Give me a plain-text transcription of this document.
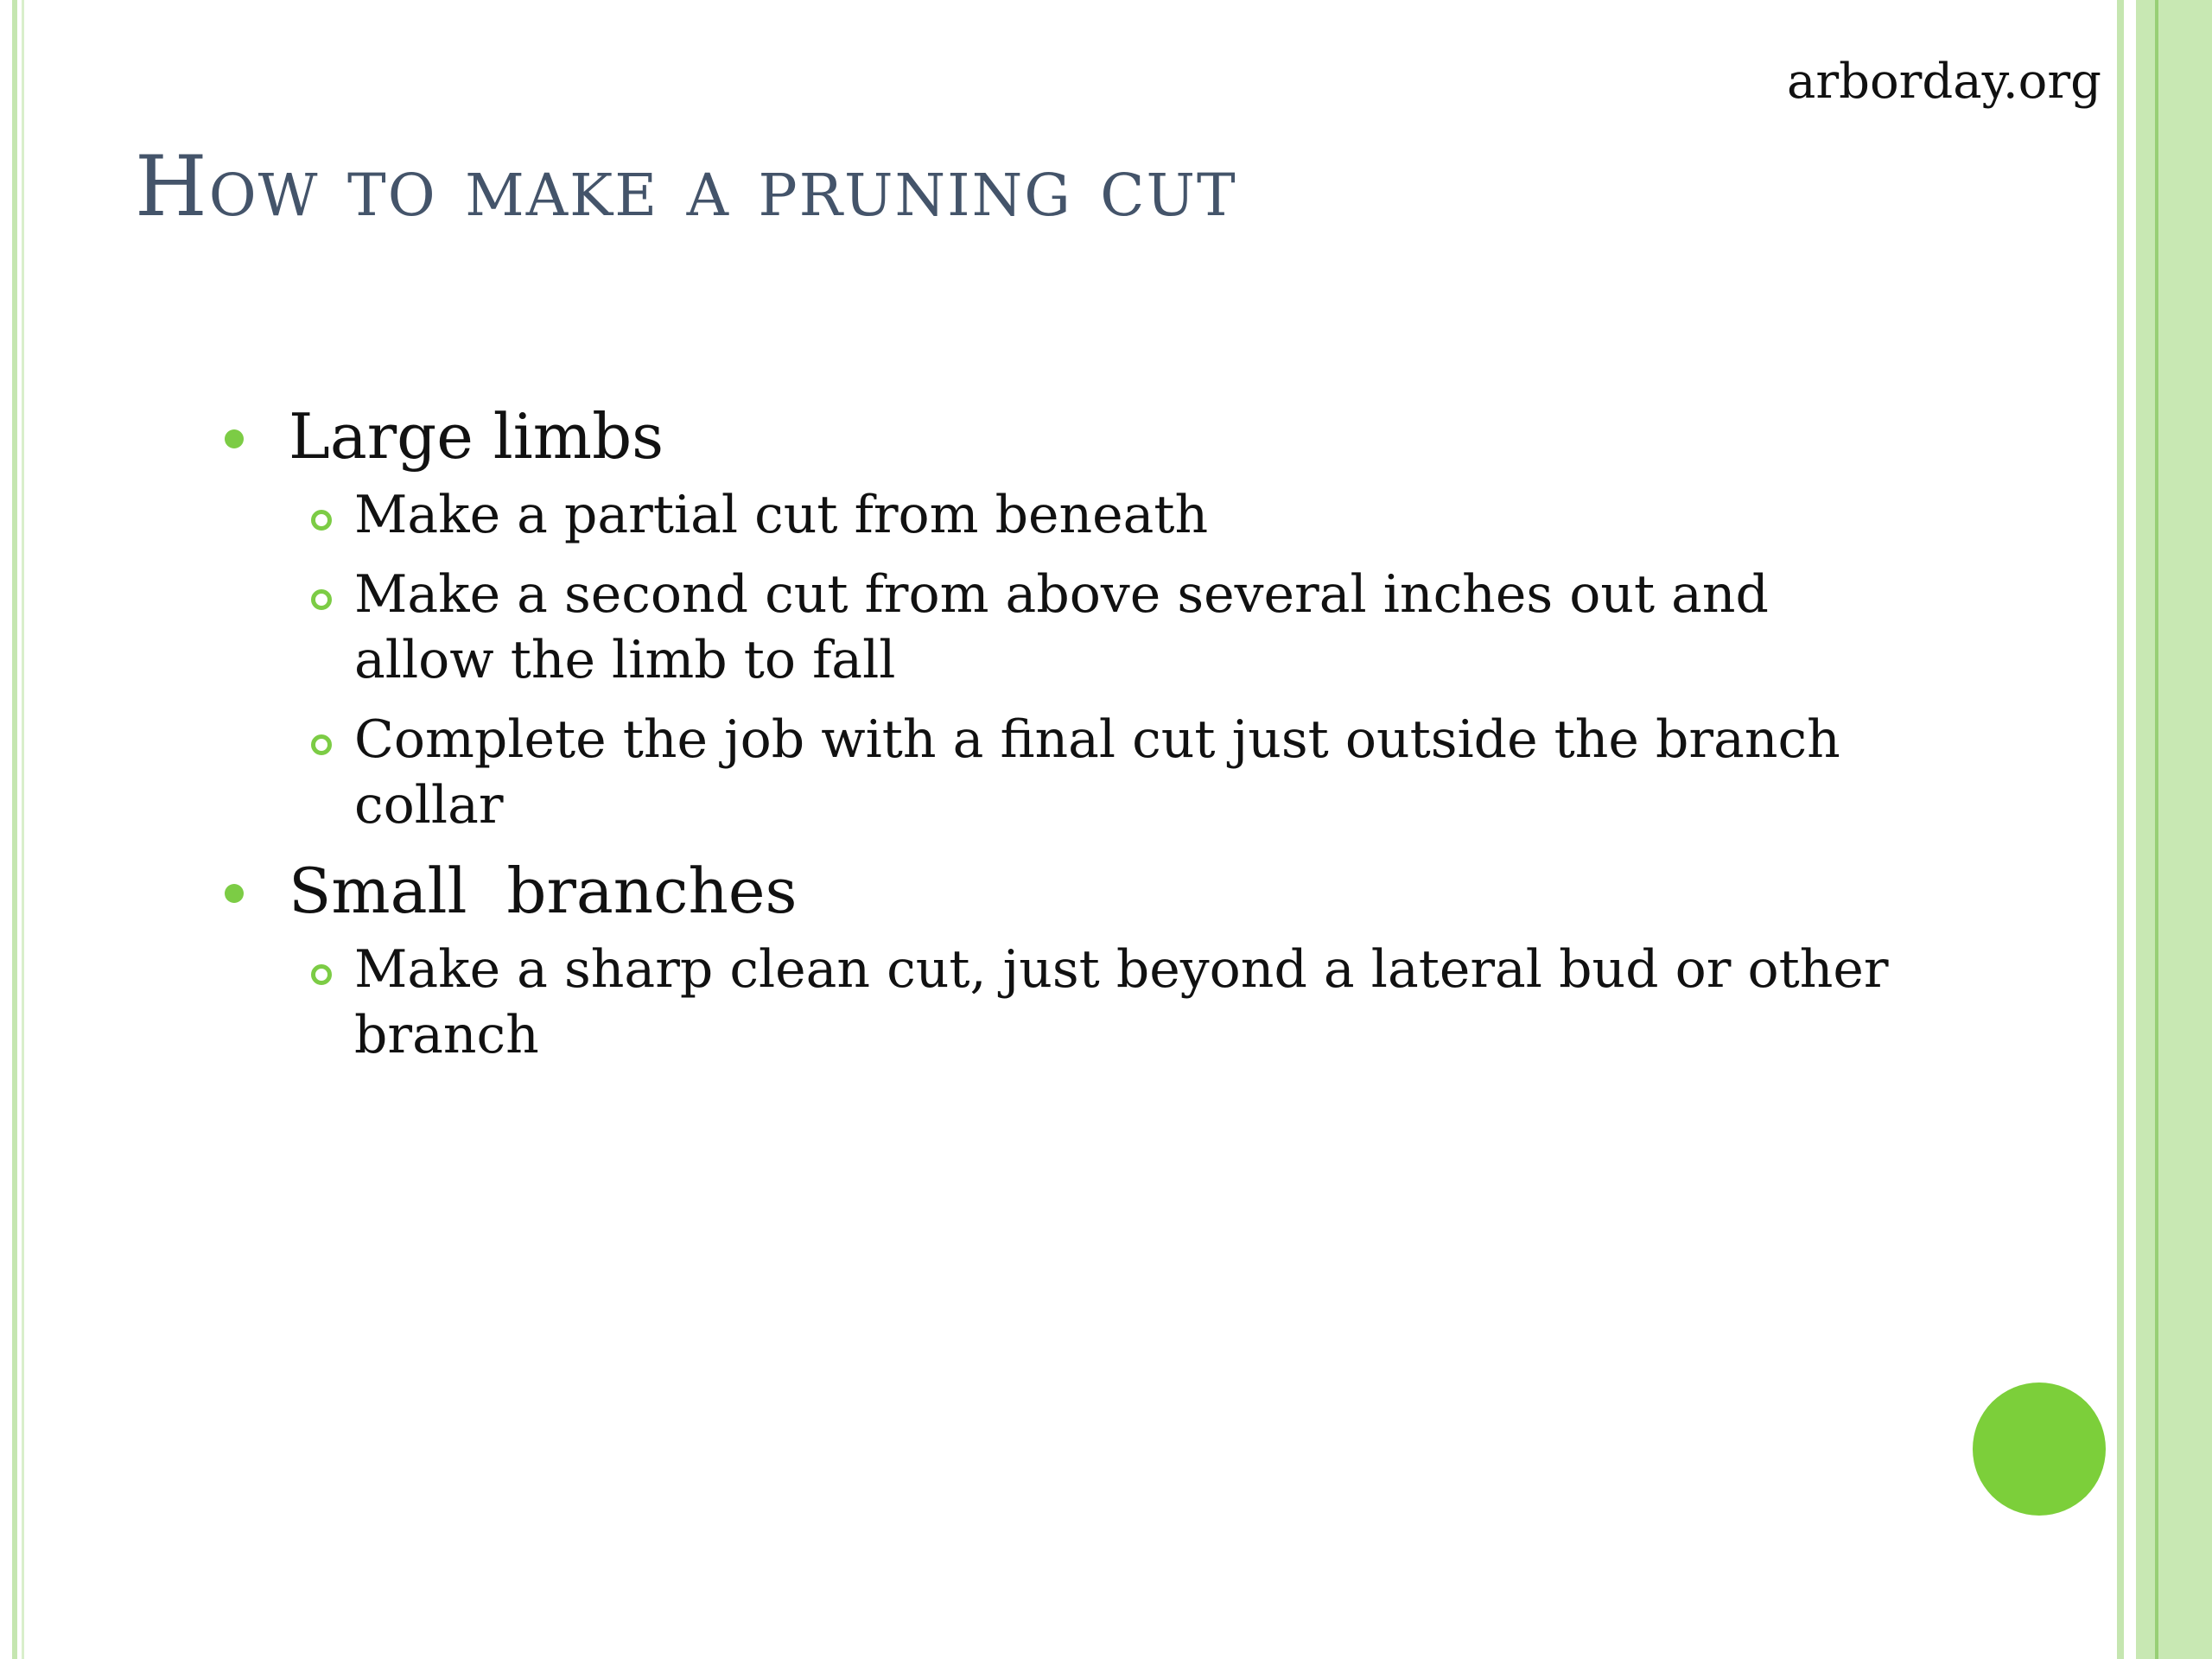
arborday.org
How to make a pruning cut
Large limbs
Make a partial cut from beneath
Make a second cut from above several inches out and allow the limb to fall
Complete the job with a final cut just outside the branch collar
Small  branches
Make a sharp clean cut, just beyond a lateral bud or other branch
